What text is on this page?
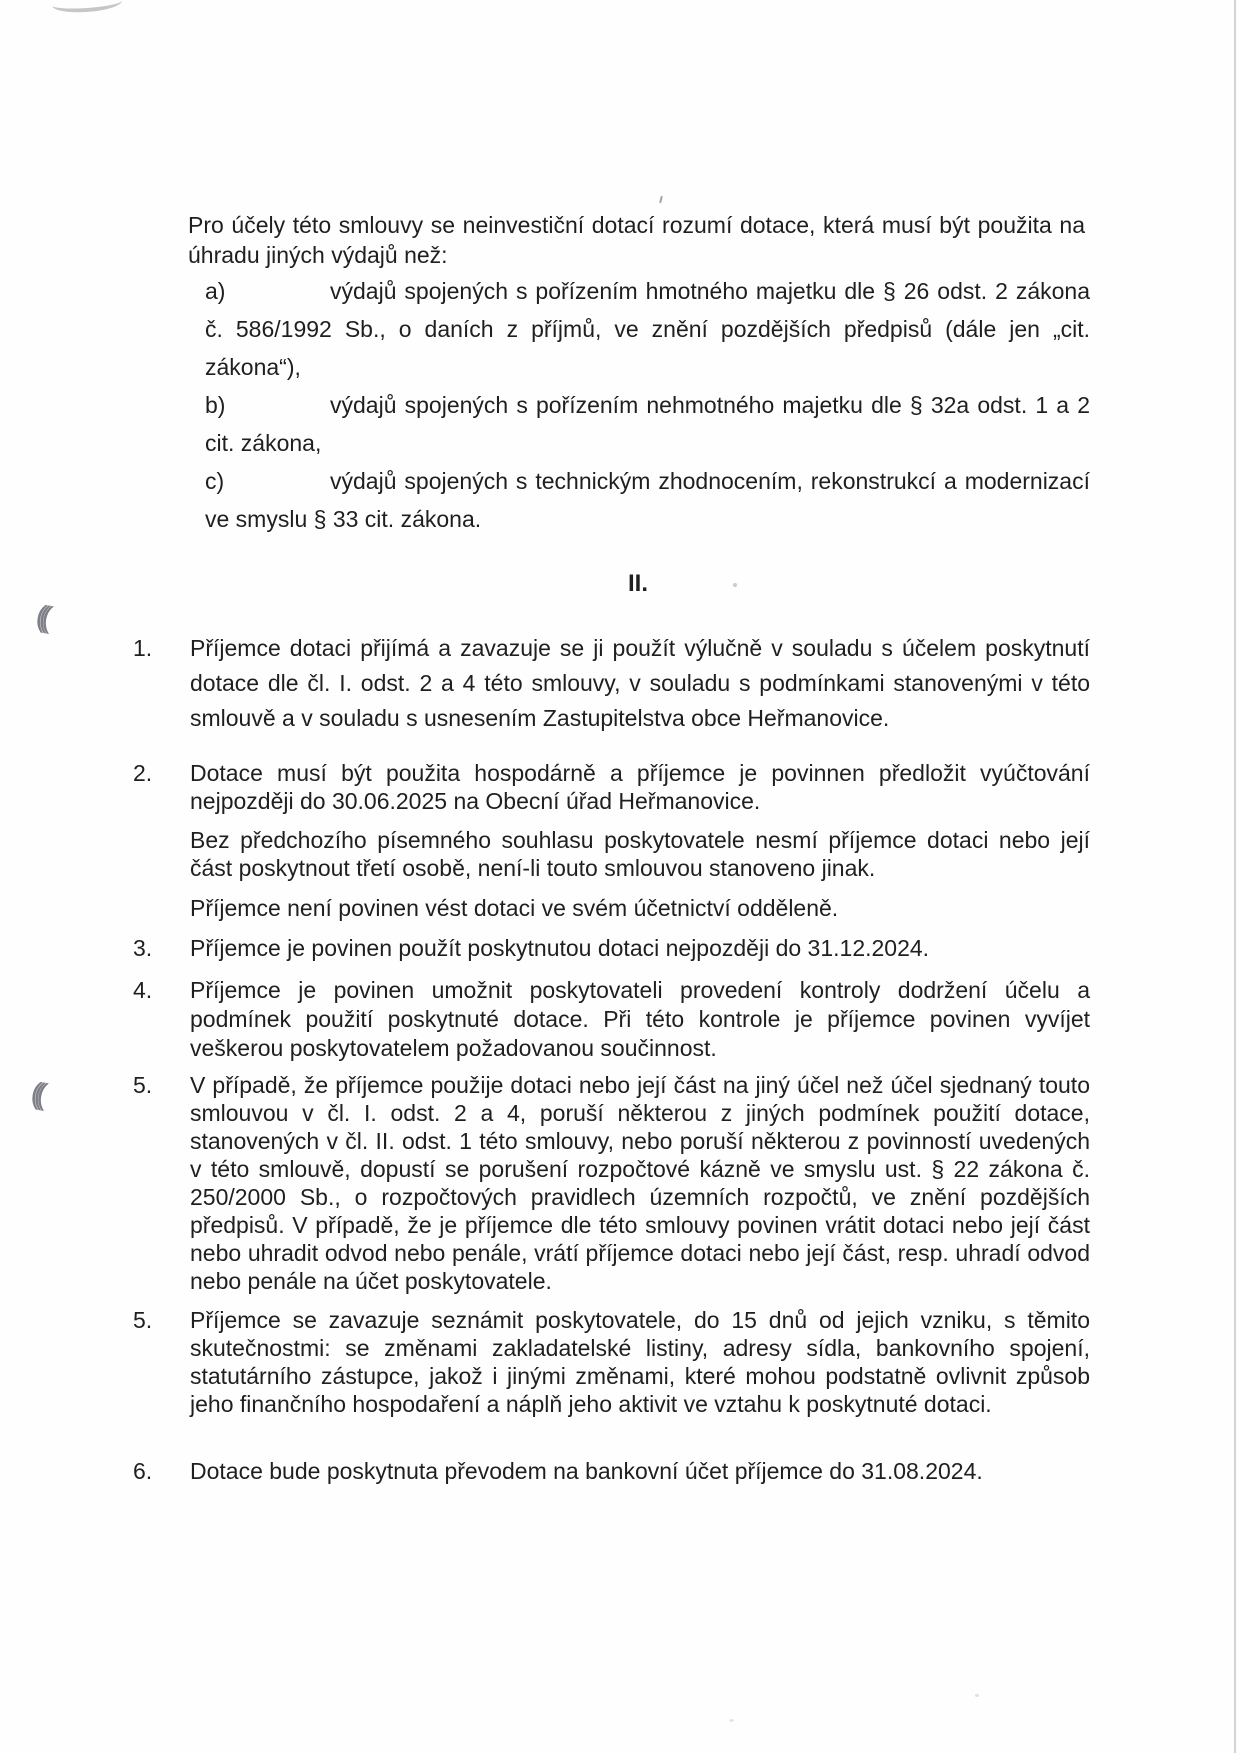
(((
(((

Pro účely této smlouvy se neinvestiční dotací rozumí dotace, která musí být použita na úhradu jiných výdajů než:

a)	výdajů spojených s pořízením hmotného majetku dle § 26 odst. 2 zákona č. 586/1992 Sb., o daních z příjmů, ve znění pozdějších předpisů (dále jen „cit. zákona“),

b)	výdajů spojených s pořízením nehmotného majetku dle § 32a odst. 1 a 2 cit. zákona,

c)	výdajů spojených s technickým zhodnocením, rekonstrukcí a modernizací ve smyslu § 33 cit. zákona.

II.
1.	Příjemce dotaci přijímá a zavazuje se ji použít výlučně v souladu s účelem poskytnutí dotace dle čl. I. odst. 2 a 4 této smlouvy, v souladu s podmínkami stanovenými v této smlouvě a v souladu s usnesením Zastupitelstva obce Heřmanovice.
2.	Dotace musí být použita hospodárně a příjemce je povinnen předložit vyúčtování nejpozději do 30.06.2025 na Obecní úřad Heřmanovice.
Bez předchozího písemného souhlasu poskytovatele nesmí příjemce dotaci nebo její část poskytnout třetí osobě, není-li touto smlouvou stanoveno jinak.
Příjemce není povinen vést dotaci ve svém účetnictví odděleně.
3.	Příjemce je povinen použít poskytnutou dotaci nejpozději do 31.12.2024.
4.	Příjemce je povinen umožnit poskytovateli provedení kontroly dodržení účelu a podmínek použití poskytnuté dotace. Při této kontrole je příjemce povinen vyvíjet veškerou poskytovatelem požadovanou součinnost.
5.	V případě, že příjemce použije dotaci nebo její část na jiný účel než účel sjednaný touto smlouvou v čl. I. odst. 2 a 4, poruší některou z jiných podmínek použití dotace, stanovených v čl. II. odst. 1 této smlouvy, nebo poruší některou z povinností uvedených v této smlouvě, dopustí se porušení rozpočtové kázně ve smyslu ust. § 22 zákona č. 250/2000 Sb., o rozpočtových pravidlech územních rozpočtů, ve znění pozdějších předpisů. V případě, že je příjemce dle této smlouvy povinen vrátit dotaci nebo její část nebo uhradit odvod nebo penále, vrátí příjemce dotaci nebo její část, resp. uhradí odvod nebo penále na účet poskytovatele.
5.	Příjemce se zavazuje seznámit poskytovatele, do 15 dnů od jejich vzniku, s těmito skutečnostmi: se změnami zakladatelské listiny, adresy sídla, bankovního spojení, statutárního zástupce, jakož i jinými změnami, které mohou podstatně ovlivnit způsob jeho finančního hospodaření a náplň jeho aktivit ve vztahu k poskytnuté dotaci.
6.	Dotace bude poskytnuta převodem na bankovní účet příjemce do 31.08.2024.
